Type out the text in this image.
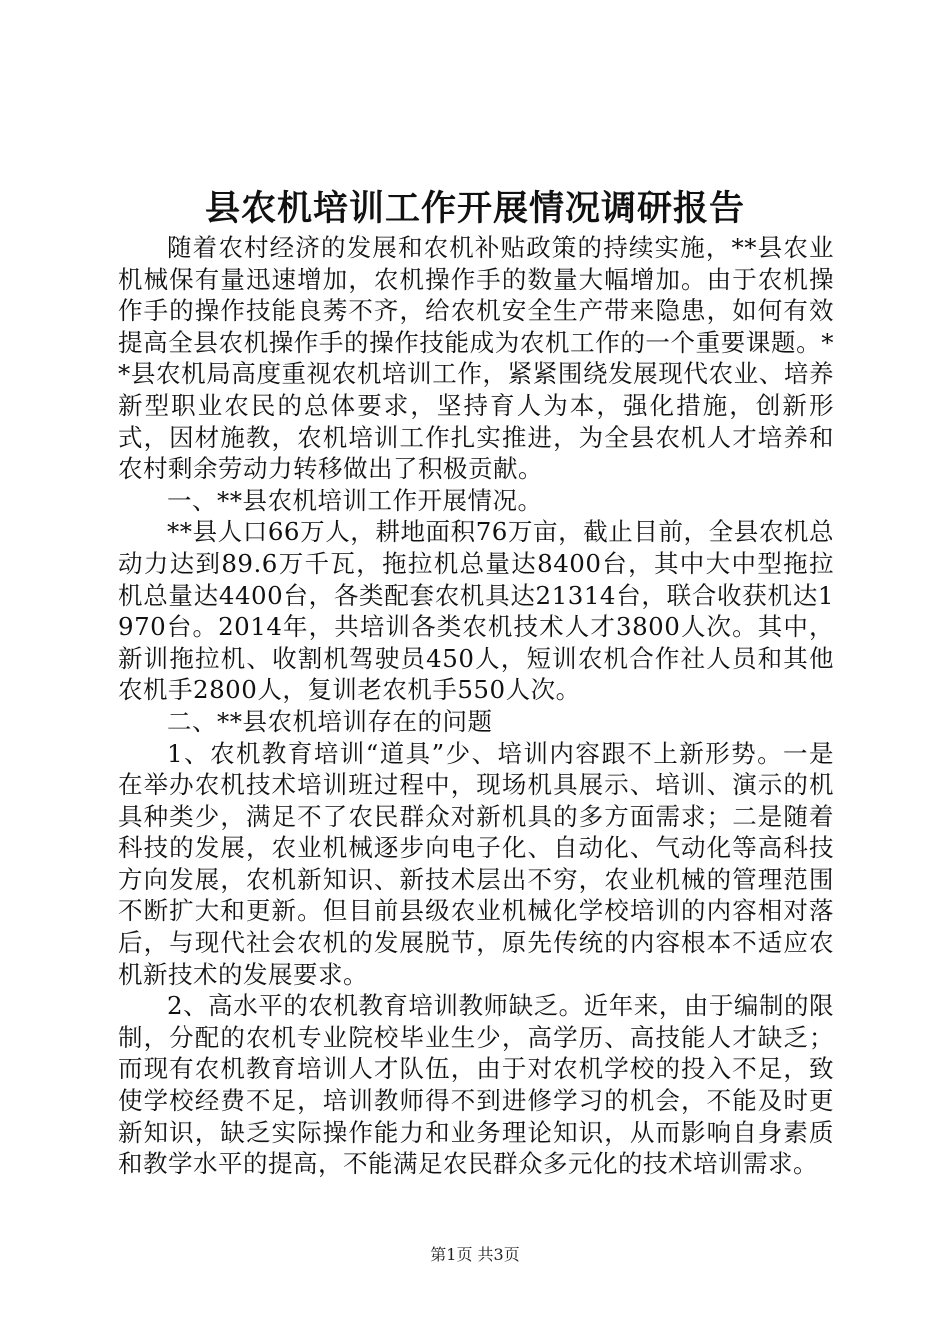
县农机培训工作开展情况调研报告

随着农村经济的发展和农机补贴政策的持续实施，**县农业机械保有量迅速增加，农机操作手的数量大幅增加。由于农机操作手的操作技能良莠不齐，给农机安全生产带来隐患，如何有效提高全县农机操作手的操作技能成为农机工作的一个重要课题。**县农机局高度重视农机培训工作，紧紧围绕发展现代农业、培养新型职业农民的总体要求，坚持育人为本，强化措施，创新形式，因材施教，农机培训工作扎实推进，为全县农机人才培养和农村剩余劳动力转移做出了积极贡献。

一、**县农机培训工作开展情况。

**县人口66万人，耕地面积76万亩，截止目前，全县农机总动力达到89.6万千瓦，拖拉机总量达8400台，其中大中型拖拉机总量达4400台，各类配套农机具达21314台，联合收获机达1970台。2014年，共培训各类农机技术人才3800人次。其中，新训拖拉机、收割机驾驶员450人，短训农机合作社人员和其他农机手2800人，复训老农机手550人次。

二、**县农机培训存在的问题

1、农机教育培训“道具”少、培训内容跟不上新形势。一是在举办农机技术培训班过程中，现场机具展示、培训、演示的机具种类少，满足不了农民群众对新机具的多方面需求；二是随着科技的发展，农业机械逐步向电子化、自动化、气动化等高科技方向发展，农机新知识、新技术层出不穷，农业机械的管理范围不断扩大和更新。但目前县级农业机械化学校培训的内容相对落后，与现代社会农机的发展脱节，原先传统的内容根本不适应农机新技术的发展要求。

2、高水平的农机教育培训教师缺乏。近年来，由于编制的限制，分配的农机专业院校毕业生少，高学历、高技能人才缺乏；而现有农机教育培训人才队伍，由于对农机学校的投入不足，致使学校经费不足，培训教师得不到进修学习的机会，不能及时更新知识，缺乏实际操作能力和业务理论知识，从而影响自身素质和教学水平的提高，不能满足农民群众多元化的技术培训需求。

第1页 共3页
